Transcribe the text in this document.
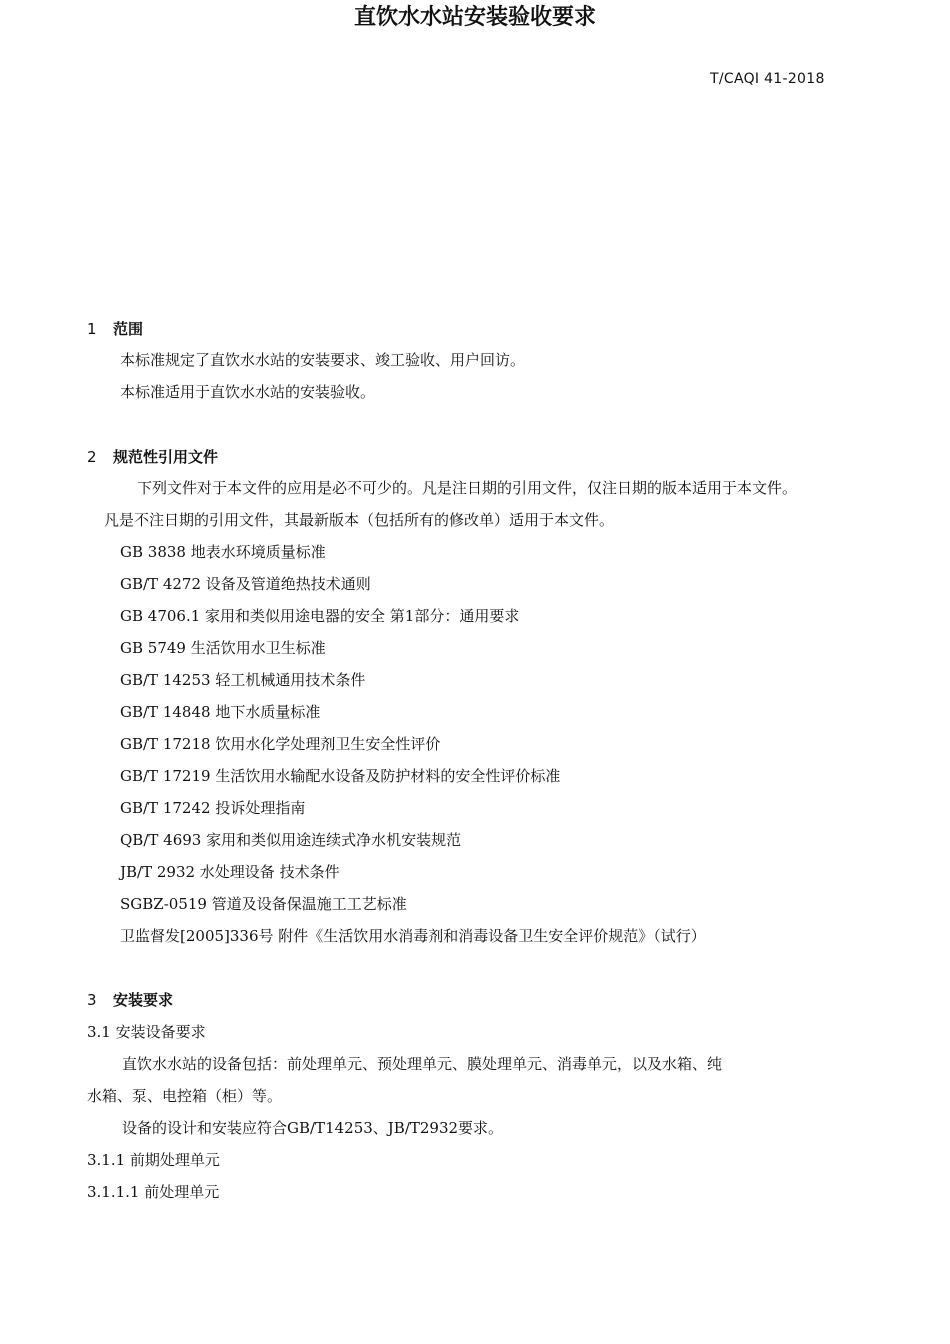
T/CAQI 41-2018
直饮水水站安装验收要求
1 范围
本标准规定了直饮水水站的安装要求、竣工验收、用户回访。
本标准适用于直饮水水站的安装验收。
2 规范性引用文件
下列文件对于本文件的应用是必不可少的。凡是注日期的引用文件，仅注日期的版本适用于本文件。
凡是不注日期的引用文件，其最新版本（包括所有的修改单）适用于本文件。
GB 3838 地表水环境质量标准
GB/T 4272 设备及管道绝热技术通则
GB 4706.1 家用和类似用途电器的安全 第1部分：通用要求
GB 5749 生活饮用水卫生标准
GB/T 14253 轻工机械通用技术条件
GB/T 14848 地下水质量标准
GB/T 17218 饮用水化学处理剂卫生安全性评价
GB/T 17219 生活饮用水输配水设备及防护材料的安全性评价标准
GB/T 17242 投诉处理指南
QB/T 4693 家用和类似用途连续式净水机安装规范
JB/T 2932 水处理设备 技术条件
SGBZ-0519 管道及设备保温施工工艺标准
卫监督发[2005]336号 附件《生活饮用水消毒剂和消毒设备卫生安全评价规范》（试行）
3 安装要求
3.1 安装设备要求
直饮水水站的设备包括：前处理单元、预处理单元、膜处理单元、消毒单元，以及水箱、纯
水箱、泵、电控箱（柜）等。
设备的设计和安装应符合GB/T14253、JB/T2932要求。
3.1.1 前期处理单元
3.1.1.1 前处理单元
